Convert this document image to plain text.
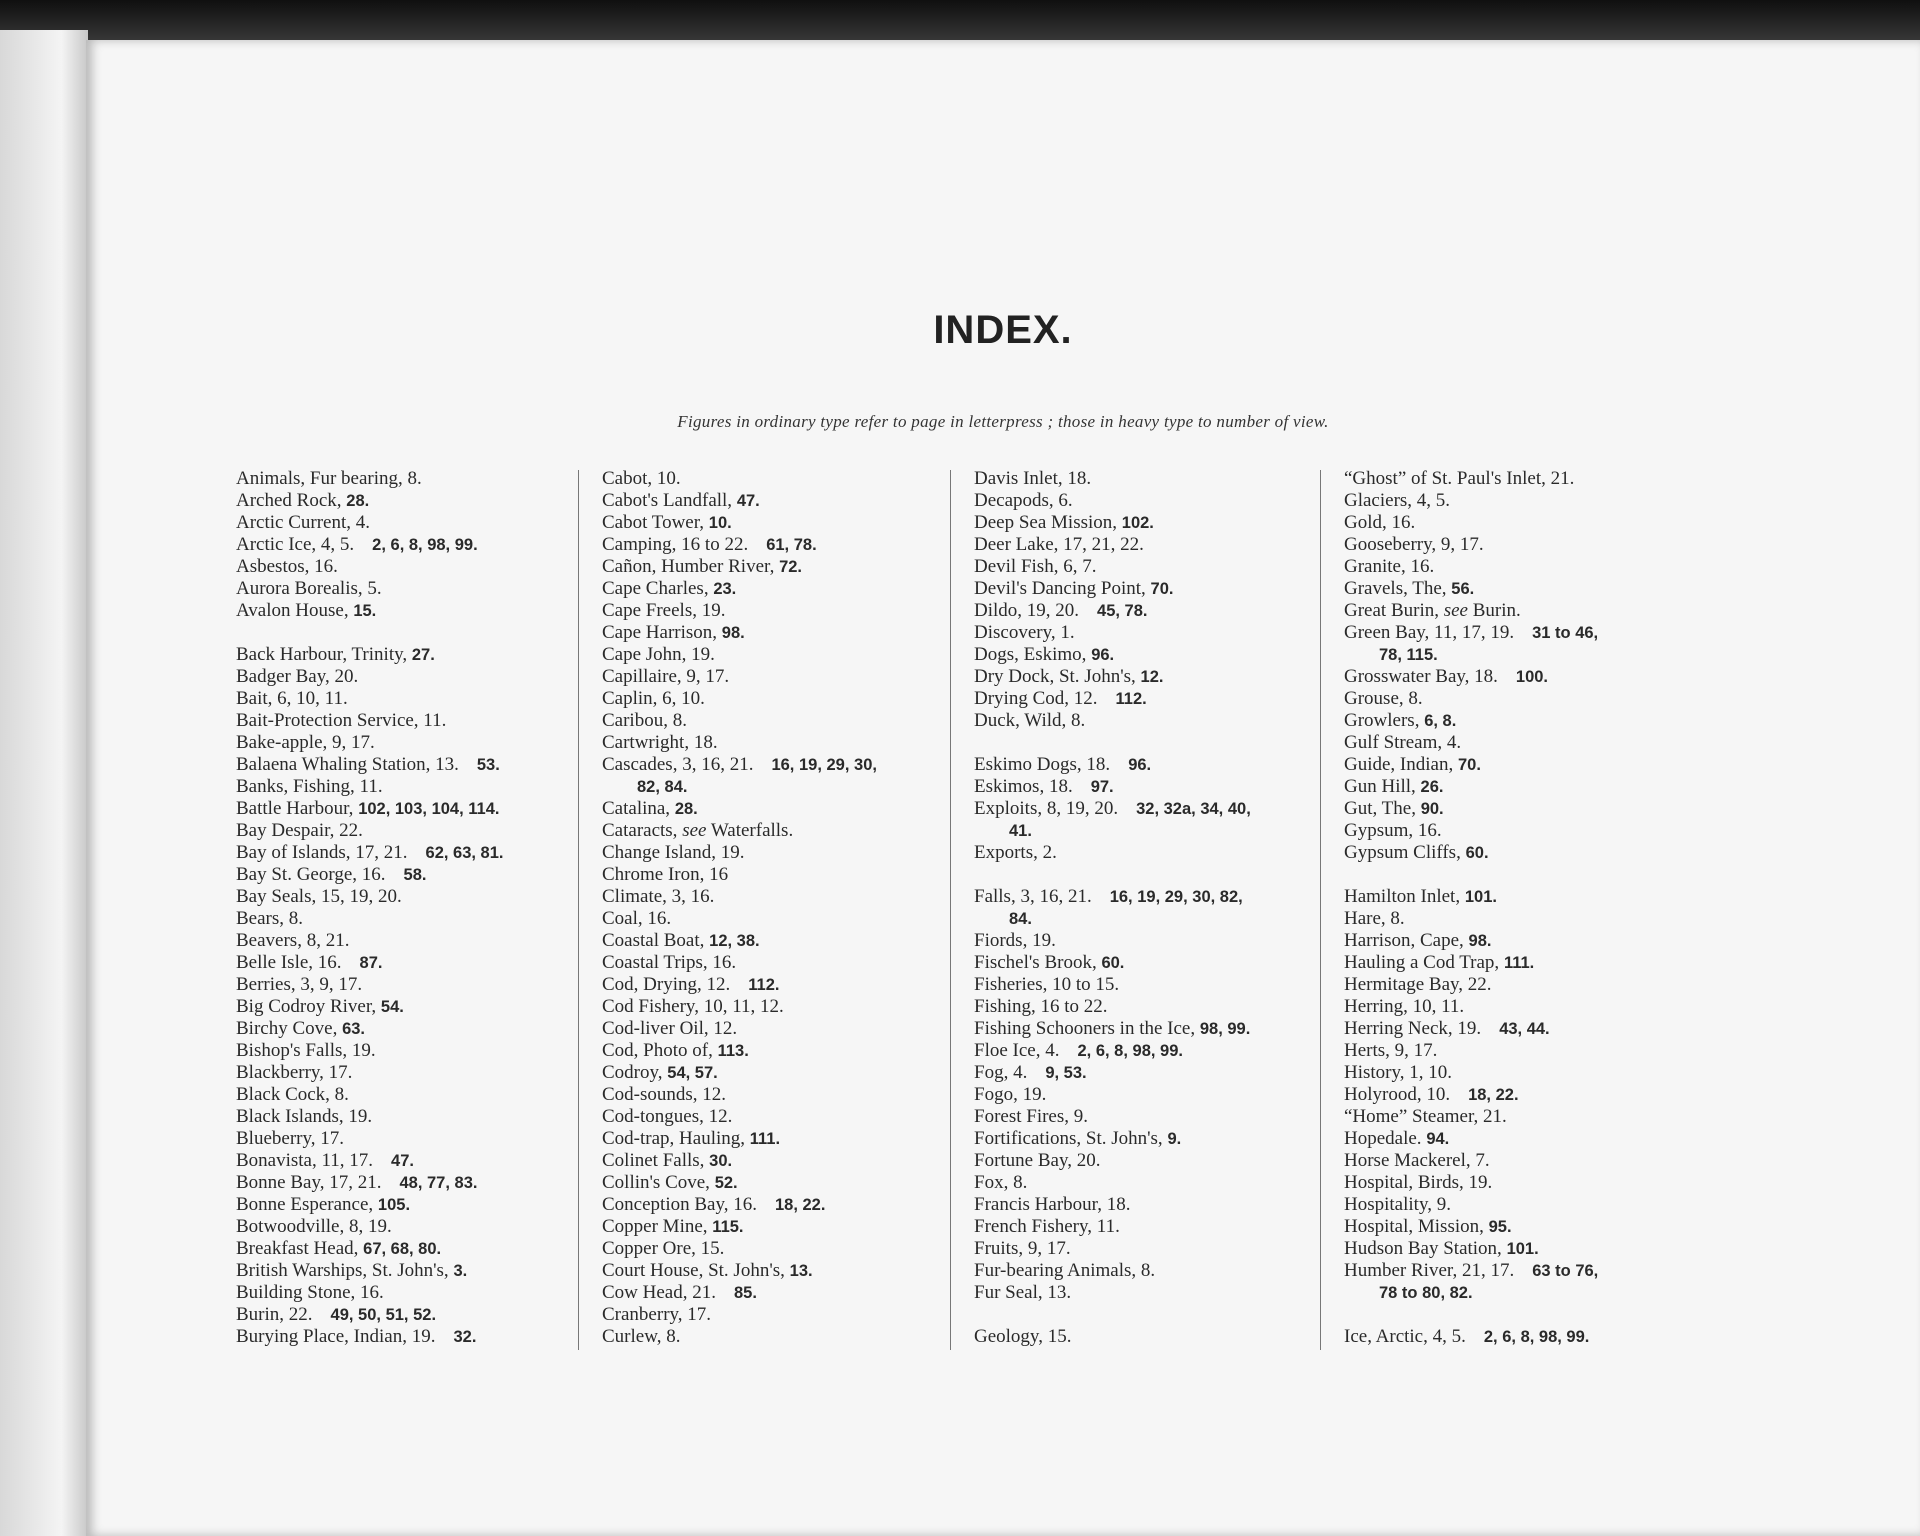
INDEX.
Figures in ordinary type refer to page in letterpress ; those in heavy type to number of view.
Animals, Fur bearing, 8.
Arched Rock, 28.
Arctic Current, 4.
Arctic Ice, 4, 5. 2, 6, 8, 98, 99.
Asbestos, 16.
Aurora Borealis, 5.
Avalon House, 15.
Back Harbour, Trinity, 27.
Badger Bay, 20.
Bait, 6, 10, 11.
Bait-Protection Service, 11.
Bake-apple, 9, 17.
Balaena Whaling Station, 13. 53.
Banks, Fishing, 11.
Battle Harbour, 102, 103, 104, 114.
Bay Despair, 22.
Bay of Islands, 17, 21. 62, 63, 81.
Bay St. George, 16. 58.
Bay Seals, 15, 19, 20.
Bears, 8.
Beavers, 8, 21.
Belle Isle, 16. 87.
Berries, 3, 9, 17.
Big Codroy River, 54.
Birchy Cove, 63.
Bishop's Falls, 19.
Blackberry, 17.
Black Cock, 8.
Black Islands, 19.
Blueberry, 17.
Bonavista, 11, 17. 47.
Bonne Bay, 17, 21. 48, 77, 83.
Bonne Esperance, 105.
Botwoodville, 8, 19.
Breakfast Head, 67, 68, 80.
British Warships, St. John's, 3.
Building Stone, 16.
Burin, 22. 49, 50, 51, 52.
Burying Place, Indian, 19. 32.
Cabot, 10.
Cabot's Landfall, 47.
Cabot Tower, 10.
Camping, 16 to 22. 61, 78.
Cañon, Humber River, 72.
Cape Charles, 23.
Cape Freels, 19.
Cape Harrison, 98.
Cape John, 19.
Capillaire, 9, 17.
Caplin, 6, 10.
Caribou, 8.
Cartwright, 18.
Cascades, 3, 16, 21. 16, 19, 29, 30,
82, 84.
Catalina, 28.
Cataracts, see Waterfalls.
Change Island, 19.
Chrome Iron, 16
Climate, 3, 16.
Coal, 16.
Coastal Boat, 12, 38.
Coastal Trips, 16.
Cod, Drying, 12. 112.
Cod Fishery, 10, 11, 12.
Cod-liver Oil, 12.
Cod, Photo of, 113.
Codroy, 54, 57.
Cod-sounds, 12.
Cod-tongues, 12.
Cod-trap, Hauling, 111.
Colinet Falls, 30.
Collin's Cove, 52.
Conception Bay, 16. 18, 22.
Copper Mine, 115.
Copper Ore, 15.
Court House, St. John's, 13.
Cow Head, 21. 85.
Cranberry, 17.
Curlew, 8.
Davis Inlet, 18.
Decapods, 6.
Deep Sea Mission, 102.
Deer Lake, 17, 21, 22.
Devil Fish, 6, 7.
Devil's Dancing Point, 70.
Dildo, 19, 20. 45, 78.
Discovery, 1.
Dogs, Eskimo, 96.
Dry Dock, St. John's, 12.
Drying Cod, 12. 112.
Duck, Wild, 8.
Eskimo Dogs, 18. 96.
Eskimos, 18. 97.
Exploits, 8, 19, 20. 32, 32a, 34, 40,
41.
Exports, 2.
Falls, 3, 16, 21. 16, 19, 29, 30, 82,
84.
Fiords, 19.
Fischel's Brook, 60.
Fisheries, 10 to 15.
Fishing, 16 to 22.
Fishing Schooners in the Ice, 98, 99.
Floe Ice, 4. 2, 6, 8, 98, 99.
Fog, 4. 9, 53.
Fogo, 19.
Forest Fires, 9.
Fortifications, St. John's, 9.
Fortune Bay, 20.
Fox, 8.
Francis Harbour, 18.
French Fishery, 11.
Fruits, 9, 17.
Fur-bearing Animals, 8.
Fur Seal, 13.
Geology, 15.
“Ghost” of St. Paul's Inlet, 21.
Glaciers, 4, 5.
Gold, 16.
Gooseberry, 9, 17.
Granite, 16.
Gravels, The, 56.
Great Burin, see Burin.
Green Bay, 11, 17, 19. 31 to 46,
78, 115.
Grosswater Bay, 18. 100.
Grouse, 8.
Growlers, 6, 8.
Gulf Stream, 4.
Guide, Indian, 70.
Gun Hill, 26.
Gut, The, 90.
Gypsum, 16.
Gypsum Cliffs, 60.
Hamilton Inlet, 101.
Hare, 8.
Harrison, Cape, 98.
Hauling a Cod Trap, 111.
Hermitage Bay, 22.
Herring, 10, 11.
Herring Neck, 19. 43, 44.
Herts, 9, 17.
History, 1, 10.
Holyrood, 10. 18, 22.
“Home” Steamer, 21.
Hopedale. 94.
Horse Mackerel, 7.
Hospital, Birds, 19.
Hospitality, 9.
Hospital, Mission, 95.
Hudson Bay Station, 101.
Humber River, 21, 17. 63 to 76,
78 to 80, 82.
Ice, Arctic, 4, 5. 2, 6, 8, 98, 99.
